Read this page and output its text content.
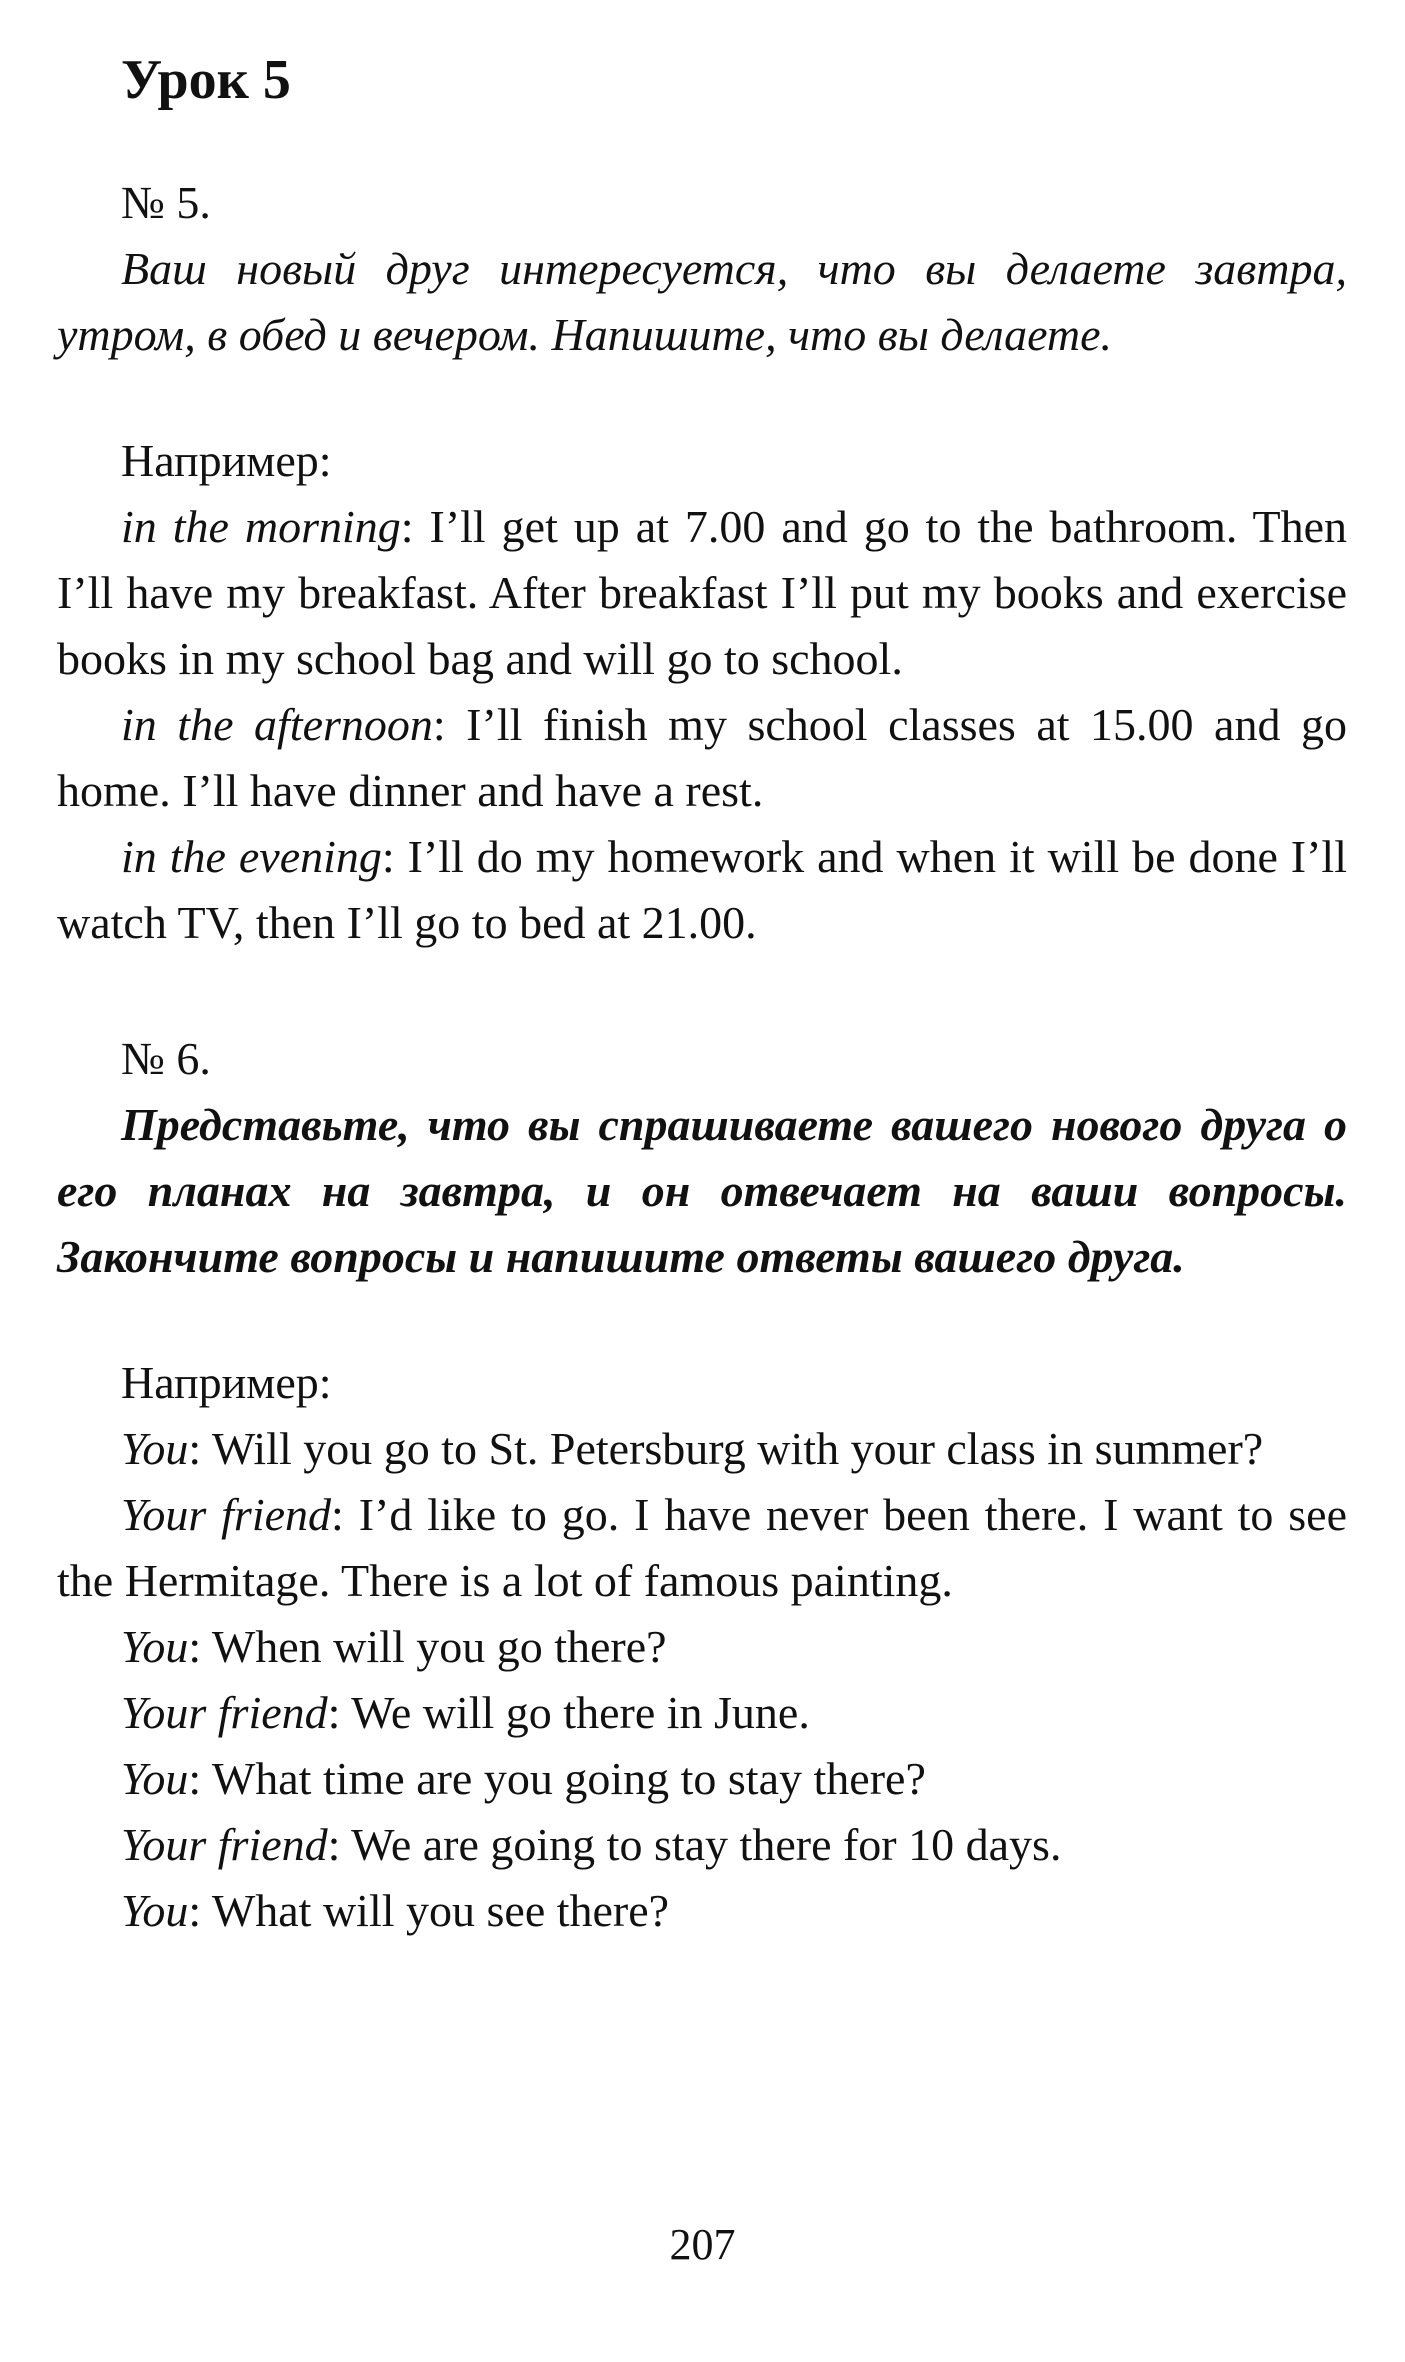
Урок 5

№ 5.

Ваш новый друг интересуется, что вы делаете завтра, утром, в обед и вечером. Напишите, что вы делаете.

Например:

in the morning: I’ll get up at 7.00 and go to the bathroom. Then I’ll have my breakfast. After breakfast I’ll put my books and exercise books in my school bag and will go to school.

in the afternoon: I’ll finish my school classes at 15.00 and go home. I’ll have dinner and have a rest.

in the evening: I’ll do my homework and when it will be done I’ll watch TV, then I’ll go to bed at 21.00.

№ 6.

Представьте, что вы спрашиваете вашего нового друга о его планах на завтра, и он отвечает на ваши вопросы. Закончите вопросы и напишите ответы вашего друга.

Например:

You: Will you go to St. Petersburg with your class in summer?

Your friend: I’d like to go. I have never been there. I want to see the Hermitage. There is a lot of famous painting.

You: When will you go there?

Your friend: We will go there in June.

You: What time are you going to stay there?

Your friend: We are going to stay there for 10 days.

You: What will you see there?

207
